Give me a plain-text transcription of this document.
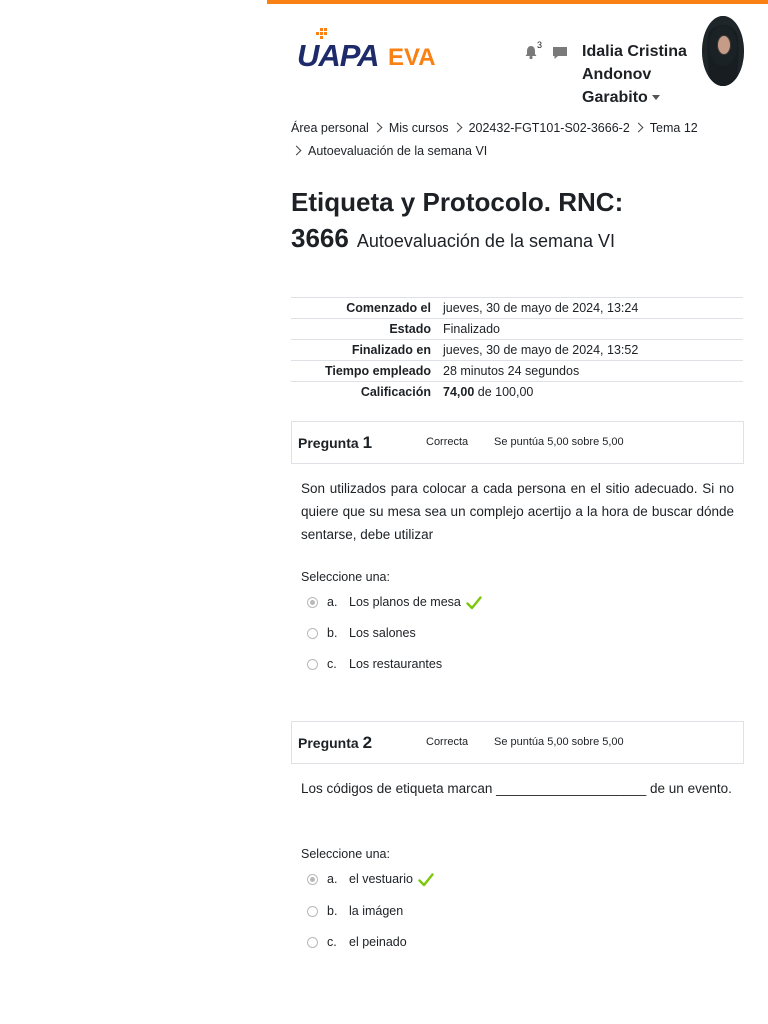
UAPA EVA	3 Idalia Cristina Andonov Garabito
Área personal Mis cursos 202432-FGT101-S02-3666-2 Tema 12
Autoevaluación de la semana VI
Etiqueta y Protocolo. RNC:
3666 Autoevaluación de la semana VI
Comenzado el	jueves, 30 de mayo de 2024, 13:24
Estado	Finalizado
Finalizado en	jueves, 30 de mayo de 2024, 13:52
Tiempo empleado	28 minutos 24 segundos
Calificación	74,00 de 100,00
Pregunta 1	Correcta Se puntúa 5,00 sobre 5,00
Son utilizados para colocar a cada persona en el sitio adecuado. Si no quiere que su mesa sea un complejo acertijo a la hora de buscar dónde sentarse, debe utilizar
Seleccione una:
a. Los planos de mesa
b. Los salones
c. Los restaurantes
Pregunta 2	Correcta Se puntúa 5,00 sobre 5,00
Los códigos de etiqueta marcan ____________________ de un evento.
Seleccione una:
a. el vestuario
b. la imágen
c. el peinado
